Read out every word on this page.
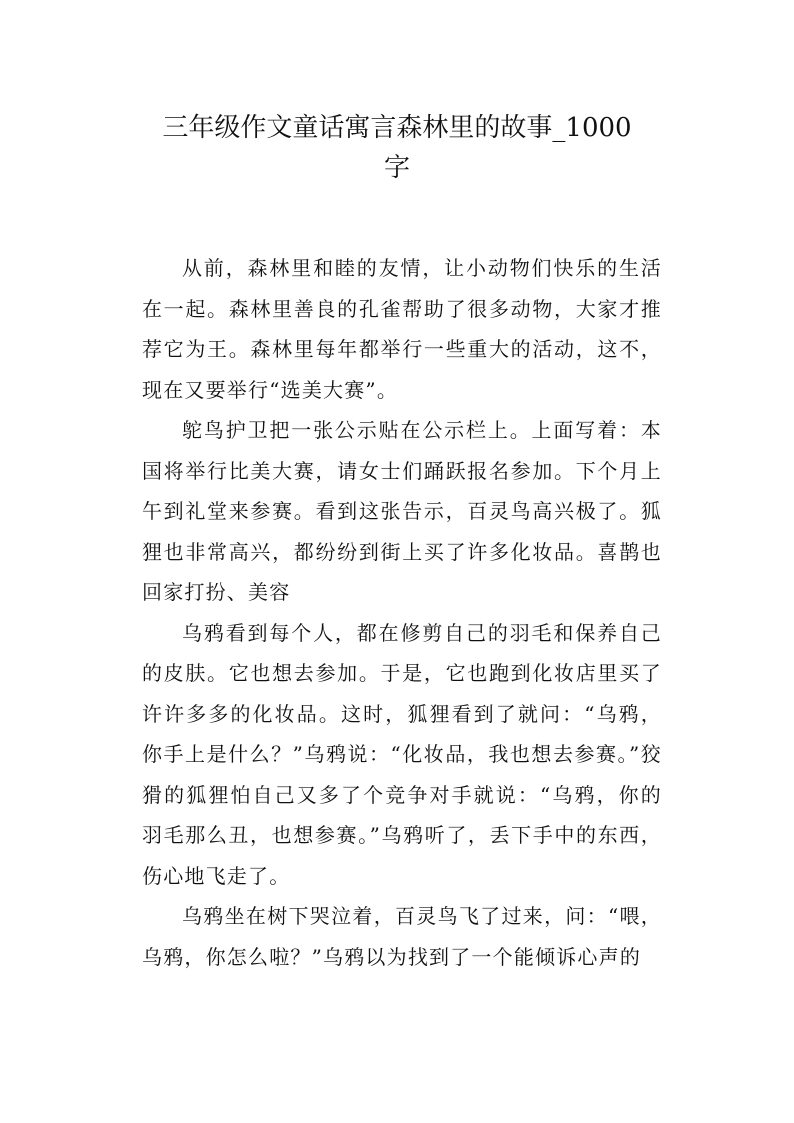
三年级作文童话寓言森林里的故事_1000
字

从前，森林里和睦的友情，让小动物们快乐的生活在一起。森林里善良的孔雀帮助了很多动物，大家才推荐它为王。森林里每年都举行一些重大的活动，这不，现在又要举行“选美大赛”。

鸵鸟护卫把一张公示贴在公示栏上。上面写着：本国将举行比美大赛，请女士们踊跃报名参加。下个月上午到礼堂来参赛。看到这张告示，百灵鸟高兴极了。狐狸也非常高兴，都纷纷到街上买了许多化妆品。喜鹊也回家打扮、美容

乌鸦看到每个人，都在修剪自己的羽毛和保养自己的皮肤。它也想去参加。于是，它也跑到化妆店里买了许许多多的化妆品。这时，狐狸看到了就问：“乌鸦，你手上是什么？”乌鸦说：“化妆品，我也想去参赛。”狡猾的狐狸怕自己又多了个竞争对手就说：“乌鸦，你的羽毛那么丑，也想参赛。”乌鸦听了，丢下手中的东西，伤心地飞走了。

乌鸦坐在树下哭泣着，百灵鸟飞了过来，问：“喂，乌鸦，你怎么啦？”乌鸦以为找到了一个能倾诉心声的
